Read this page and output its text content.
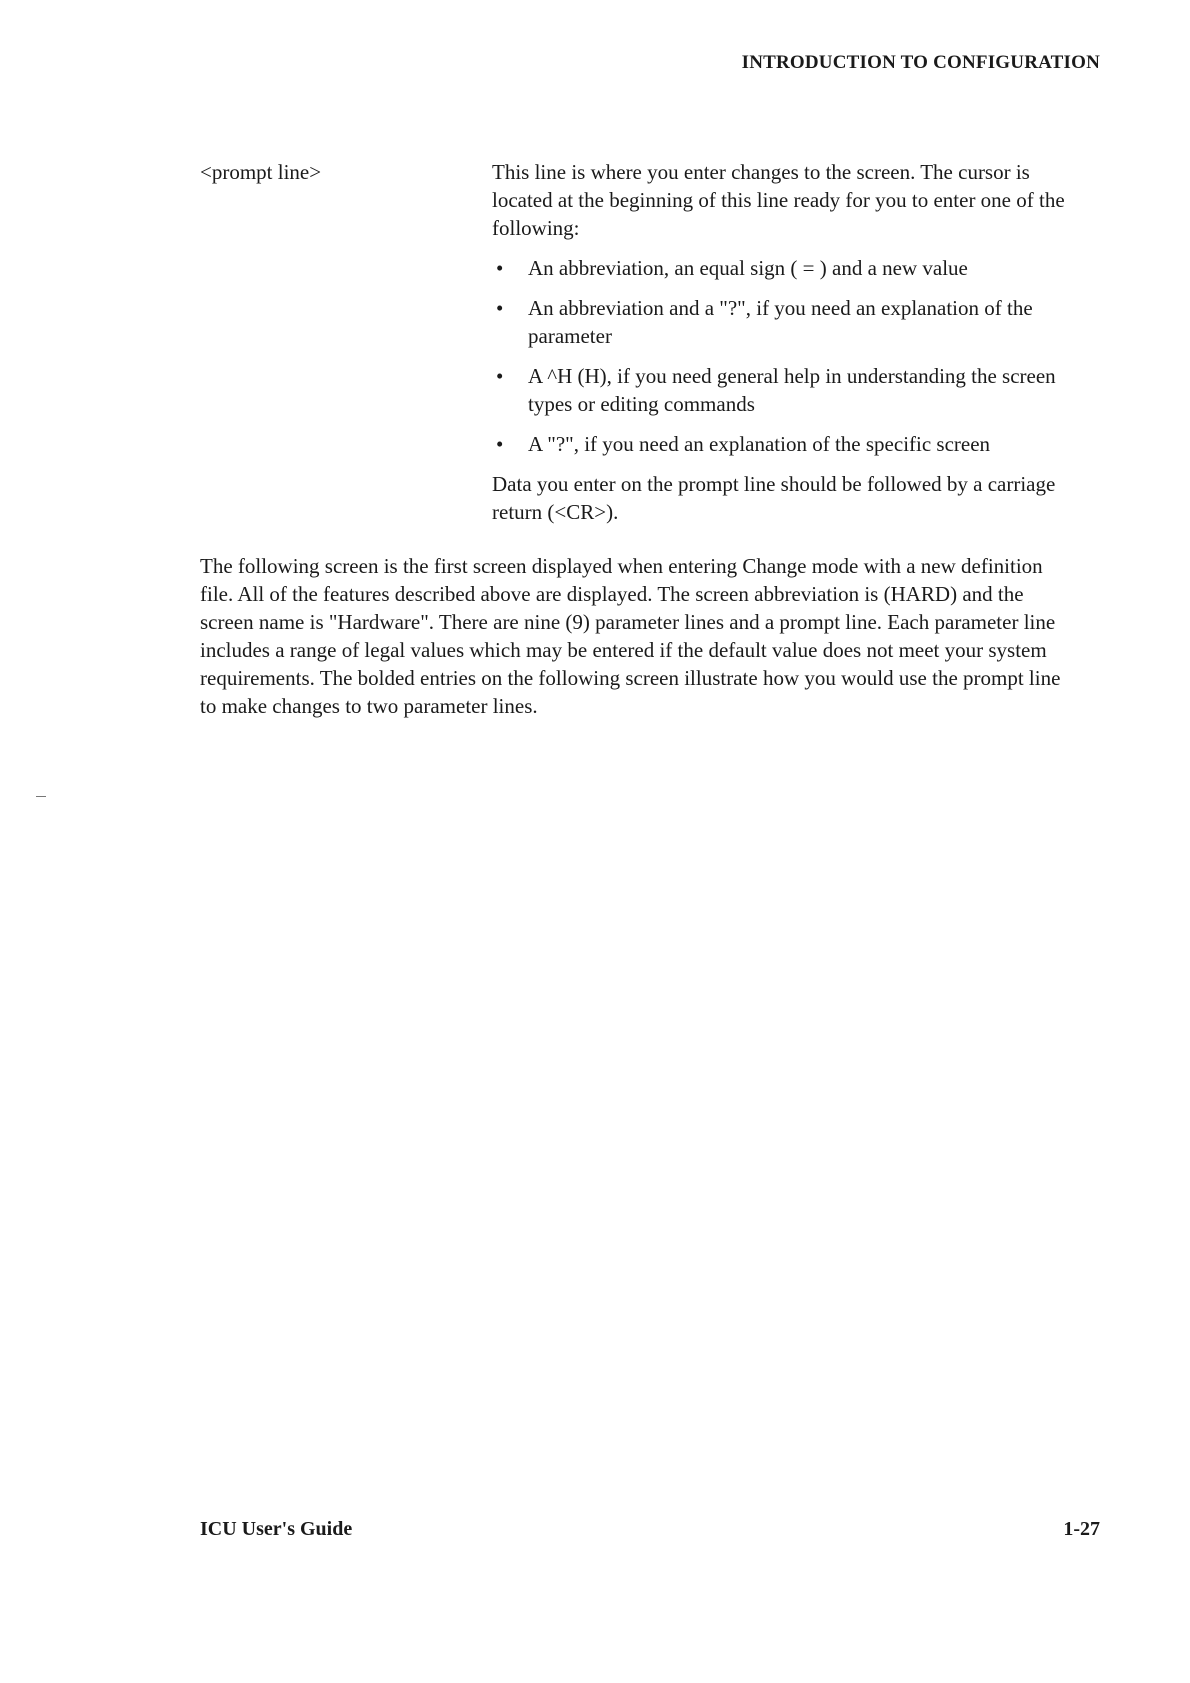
INTRODUCTION TO CONFIGURATION
<prompt line>	This line is where you enter changes to the screen. The cursor is located at the beginning of this line ready for you to enter one of the following:

• An abbreviation, an equal sign ( = ) and a new value
• An abbreviation and a "?", if you need an explanation of the parameter
• A ^H (H), if you need general help in understanding the screen types or editing commands
• A "?", if you need an explanation of the specific screen

Data you enter on the prompt line should be followed by a carriage return (<CR>).

The following screen is the first screen displayed when entering Change mode with a new definition file. All of the features described above are displayed. The screen abbreviation is (HARD) and the screen name is "Hardware". There are nine (9) parameter lines and a prompt line. Each parameter line includes a range of legal values which may be entered if the default value does not meet your system requirements. The bolded entries on the following screen illustrate how you would use the prompt line to make changes to two parameter lines.

ICU User's Guide	1-27
